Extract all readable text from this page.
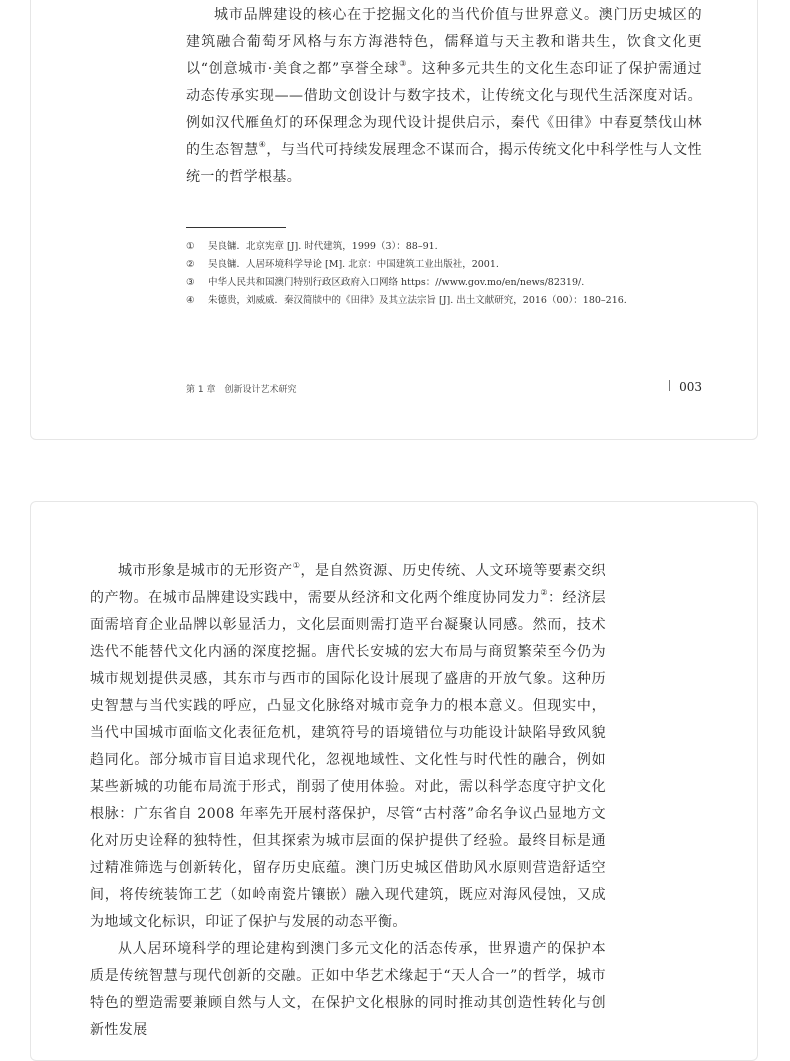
城市品牌建设的核心在于挖掘文化的当代价值与世界意义。澳门历史城区的建筑融合葡萄牙风格与东方海港特色，儒释道与天主教和谐共生，饮食文化更以“创意城市·美食之都”享誉全球③。这种多元共生的文化生态印证了保护需通过动态传承实现——借助文创设计与数字技术，让传统文化与现代生活深度对话。例如汉代雁鱼灯的环保理念为现代设计提供启示，秦代《田律》中春夏禁伐山林的生态智慧④，与当代可持续发展理念不谋而合，揭示传统文化中科学性与人文性统一的哲学根基。

①	吴良镛．北京宪章 [J]. 时代建筑，1999（3）：88–91.
②	吴良镛．人居环境科学导论 [M]. 北京：中国建筑工业出版社，2001.
③	中华人民共和国澳门特别行政区政府入口网络 https：//www.gov.mo/en/news/82319/.
④	朱德贵，刘威威．秦汉简牍中的《田律》及其立法宗旨 [J]. 出土文献研究，2016（00）：180–216.
第 1 章　创新设计艺术研究	003

城市形象是城市的无形资产①，是自然资源、历史传统、人文环境等要素交织的产物。在城市品牌建设实践中，需要从经济和文化两个维度协同发力②：经济层面需培育企业品牌以彰显活力，文化层面则需打造平台凝聚认同感。然而，技术迭代不能替代文化内涵的深度挖掘。唐代长安城的宏大布局与商贸繁荣至今仍为城市规划提供灵感，其东市与西市的国际化设计展现了盛唐的开放气象。这种历史智慧与当代实践的呼应，凸显文化脉络对城市竞争力的根本意义。但现实中，当代中国城市面临文化表征危机，建筑符号的语境错位与功能设计缺陷导致风貌趋同化。部分城市盲目追求现代化，忽视地域性、文化性与时代性的融合，例如某些新城的功能布局流于形式，削弱了使用体验。对此，需以科学态度守护文化根脉：广东省自 2008 年率先开展村落保护，尽管“古村落”命名争议凸显地方文化对历史诠释的独特性，但其探索为城市层面的保护提供了经验。最终目标是通过精准筛选与创新转化，留存历史底蕴。澳门历史城区借助风水原则营造舒适空间，将传统装饰工艺（如岭南瓷片镶嵌）融入现代建筑，既应对海风侵蚀，又成为地域文化标识，印证了保护与发展的动态平衡。

从人居环境科学的理论建构到澳门多元文化的活态传承，世界遗产的保护本质是传统智慧与现代创新的交融。正如中华艺术缘起于“天人合一”的哲学，城市特色的塑造需要兼顾自然与人文，在保护文化根脉的同时推动其创造性转化与创新性发展
